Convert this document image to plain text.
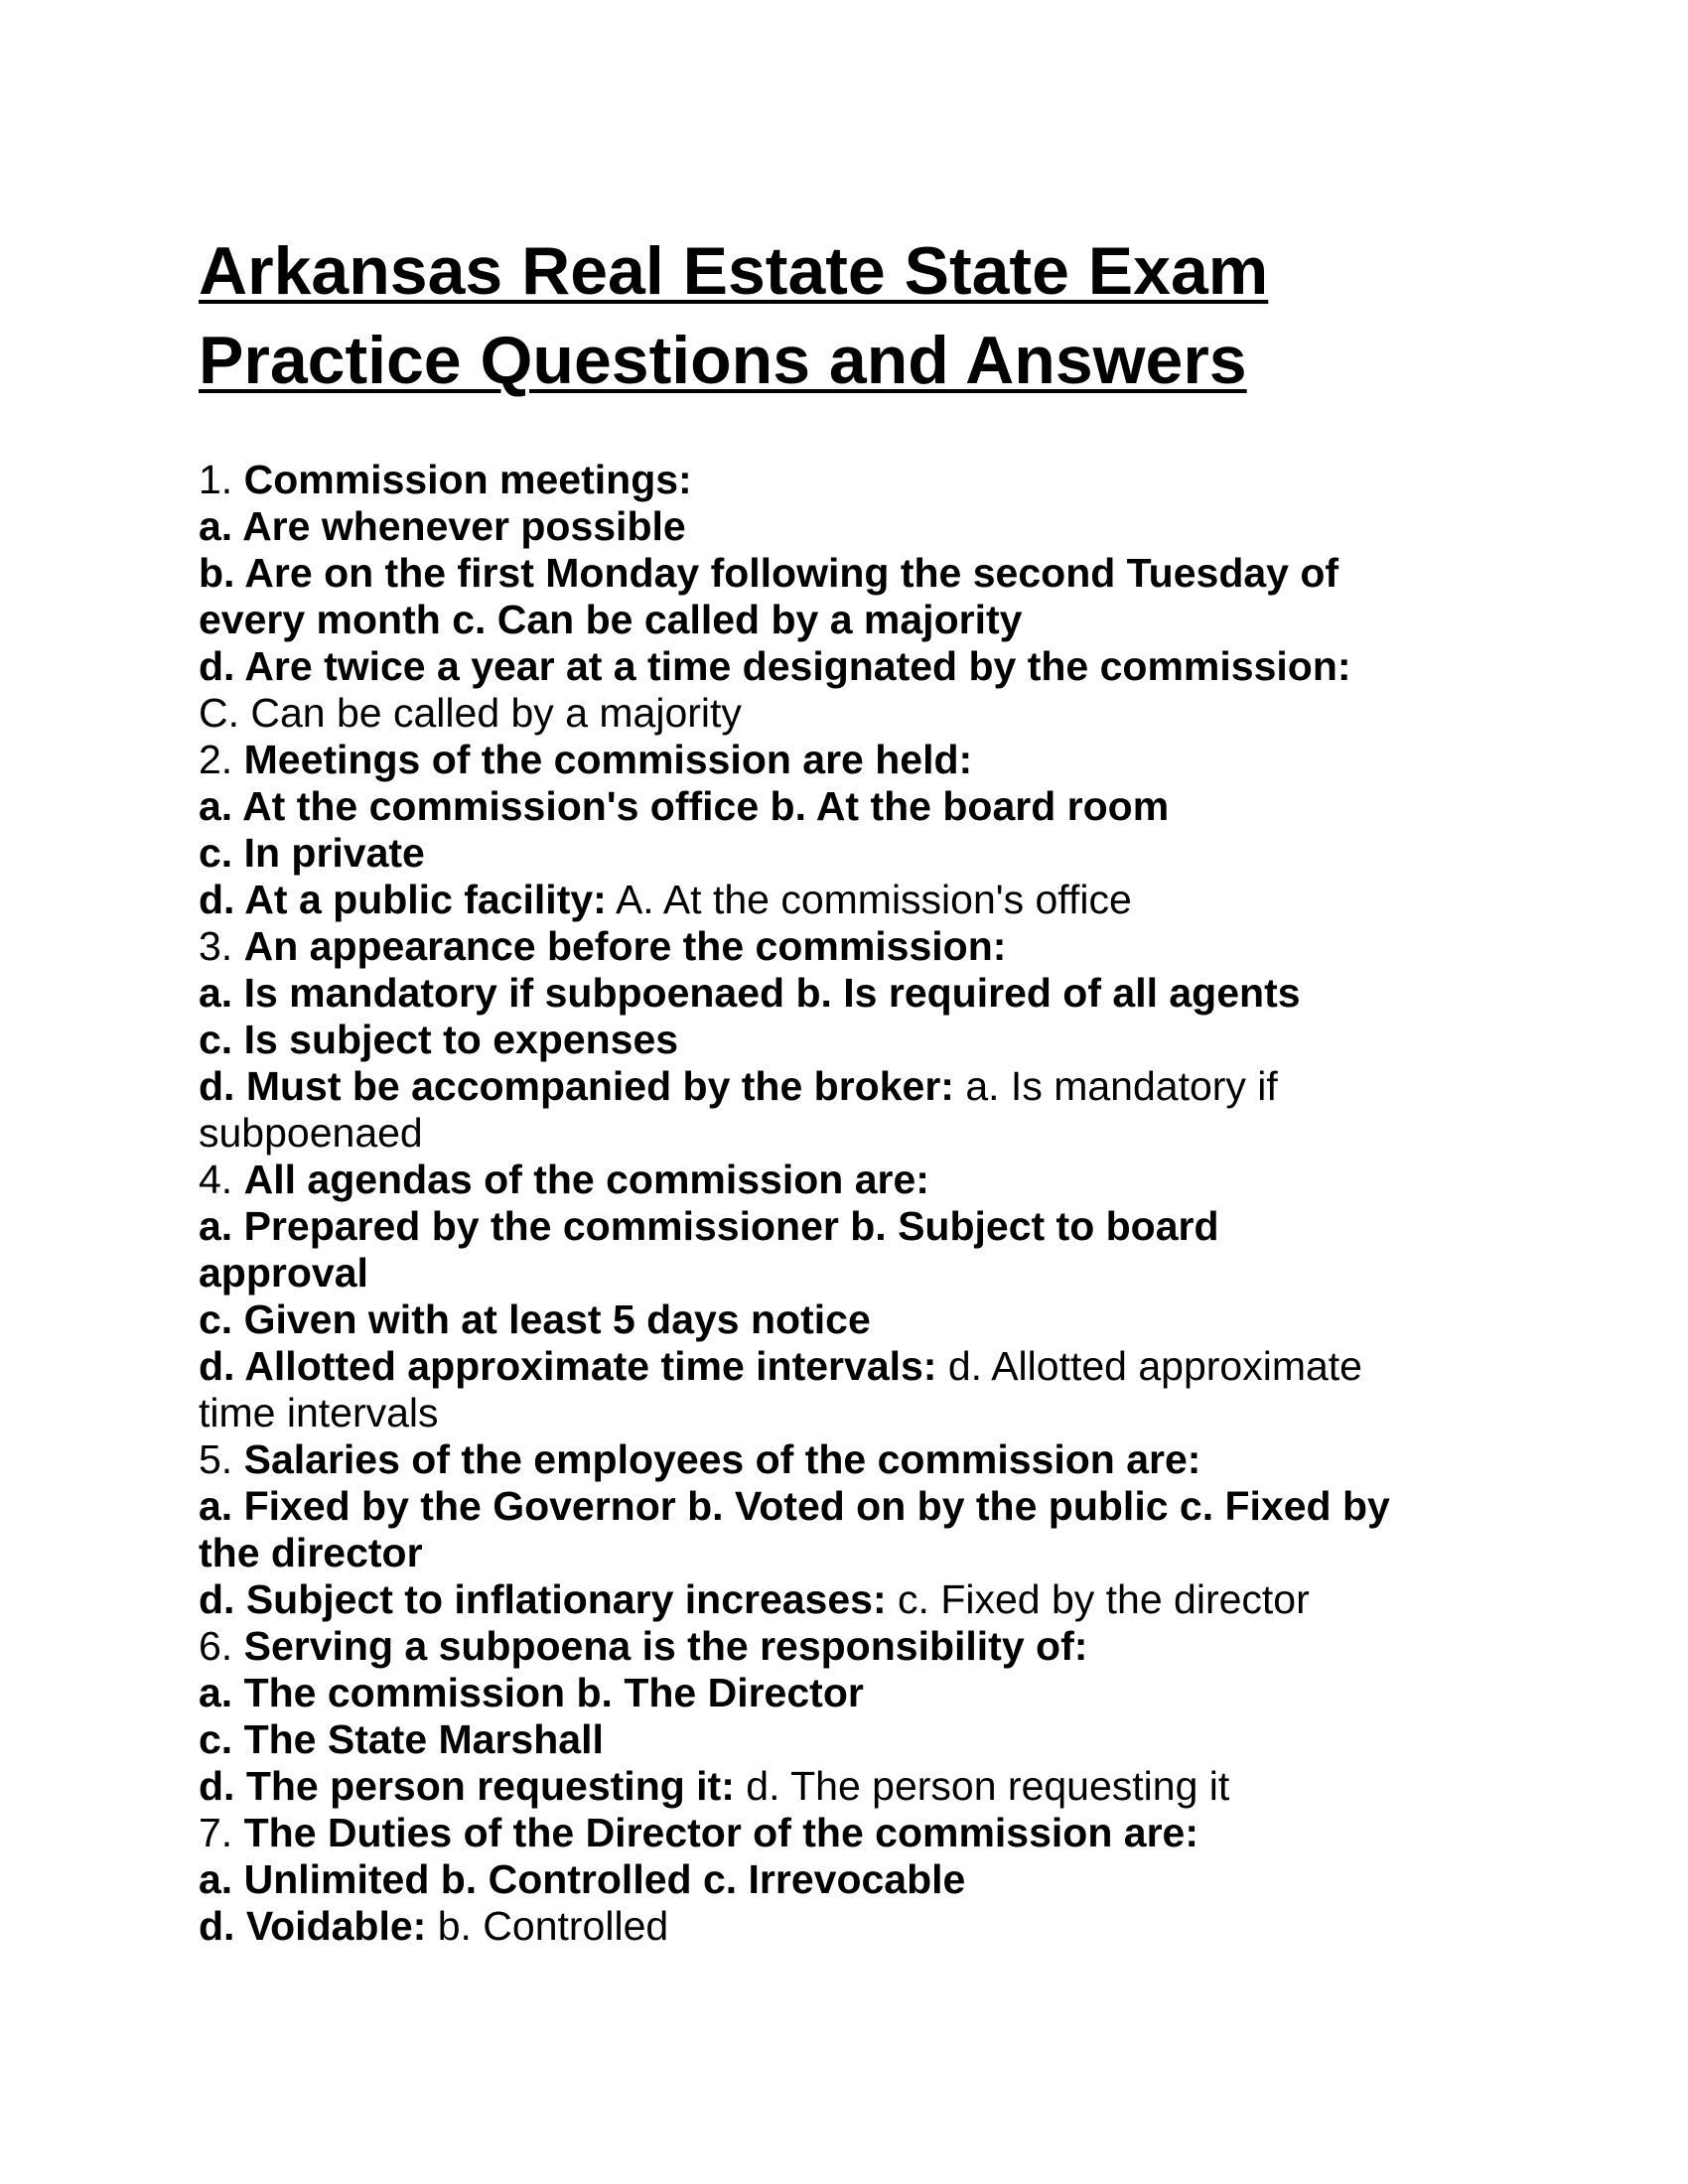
Arkansas Real Estate State Exam
Practice Questions and Answers
1. Commission meetings:
a. Are whenever possible
b. Are on the first Monday following the second Tuesday of
every month c. Can be called by a majority
d. Are twice a year at a time designated by the commission:
C. Can be called by a majority
2. Meetings of the commission are held:
a. At the commission's office b. At the board room
c. In private
d. At a public facility: A. At the commission's office
3. An appearance before the commission:
a. Is mandatory if subpoenaed b. Is required of all agents
c. Is subject to expenses
d. Must be accompanied by the broker: a. Is mandatory if
subpoenaed
4. All agendas of the commission are:
a. Prepared by the commissioner b. Subject to board
approval
c. Given with at least 5 days notice
d. Allotted approximate time intervals: d. Allotted approximate
time intervals
5. Salaries of the employees of the commission are:
a. Fixed by the Governor b. Voted on by the public c. Fixed by
the director
d. Subject to inflationary increases: c. Fixed by the director
6. Serving a subpoena is the responsibility of:
a. The commission b. The Director
c. The State Marshall
d. The person requesting it: d. The person requesting it
7. The Duties of the Director of the commission are:
a. Unlimited b. Controlled c. Irrevocable
d. Voidable: b. Controlled
